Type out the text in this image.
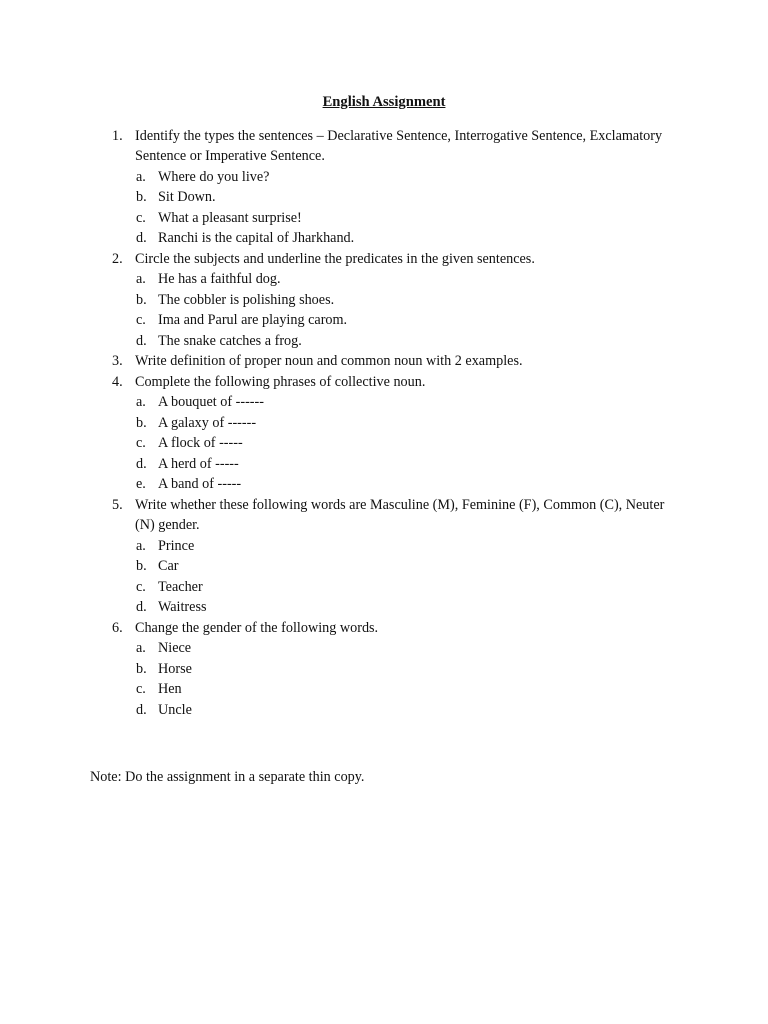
English Assignment
1. Identify the types the sentences – Declarative Sentence, Interrogative Sentence, Exclamatory Sentence or Imperative Sentence.
a. Where do you live?
b. Sit Down.
c. What a pleasant surprise!
d. Ranchi is the capital of Jharkhand.
2. Circle the subjects and underline the predicates in the given sentences.
a. He has a faithful dog.
b. The cobbler is polishing shoes.
c. Ima and Parul are playing carom.
d. The snake catches a frog.
3. Write definition of proper noun and common noun with 2 examples.
4. Complete the following phrases of collective noun.
a. A bouquet of ------
b. A galaxy of ------
c. A flock of -----
d. A herd of -----
e. A band of -----
5. Write whether these following words are Masculine (M), Feminine (F), Common (C), Neuter (N) gender.
a. Prince
b. Car
c. Teacher
d. Waitress
6. Change the gender of the following words.
a. Niece
b. Horse
c. Hen
d. Uncle
Note: Do the assignment in a separate thin copy.
